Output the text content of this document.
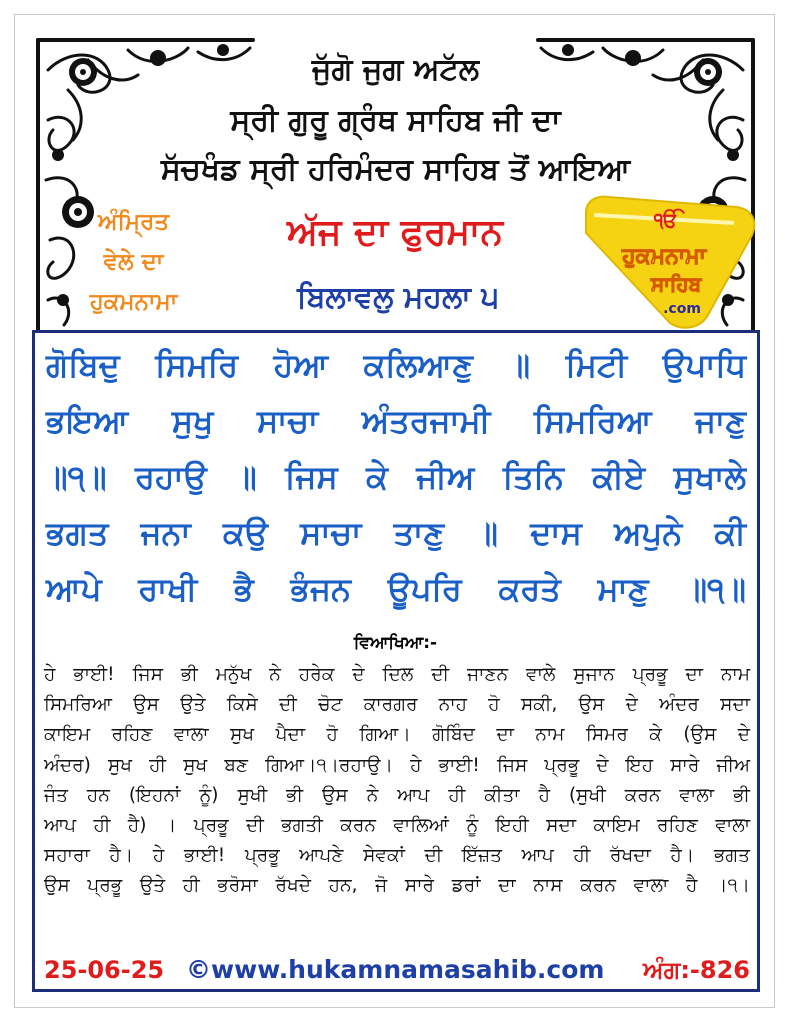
ਜੁੱਗੋ ਜੁਗ ਅਟੱਲ
ਸ੍ਰੀ ਗੁਰੂ ਗ੍ਰੰਥ ਸਾਹਿਬ ਜੀ ਦਾ
ਸੱਚਖੰਡ ਸ੍ਰੀ ਹਰਿਮੰਦਰ ਸਾਹਿਬ ਤੋਂ ਆਇਆ
ਅੰਮ੍ਰਿਤ
ਵੇਲੇ ਦਾ
ਹੁਕਮਨਾਮਾ
ਅੱਜ ਦਾ ਫੁਰਮਾਨ
ਬਿਲਾਵਲੁ ਮਹਲਾ ੫
ੴ
ਹੁਕਮਨਾਮਾ
ਸਾਹਿਬ
.com
ਗੋਬਿਦੁ ਸਿਮਰਿ ਹੋਆ ਕਲਿਆਣੁ ॥ ਮਿਟੀ ਉਪਾਧਿ
ਭਇਆ ਸੁਖੁ ਸਾਚਾ ਅੰਤਰਜਾਮੀ ਸਿਮਰਿਆ ਜਾਣੁ
॥੧॥ ਰਹਾਉ ॥ ਜਿਸ ਕੇ ਜੀਅ ਤਿਨਿ ਕੀਏ ਸੁਖਾਲੇ
ਭਗਤ ਜਨਾ ਕਉ ਸਾਚਾ ਤਾਣੁ ॥ ਦਾਸ ਅਪੁਨੇ ਕੀ
ਆਪੇ ਰਾਖੀ ਭੈ ਭੰਜਨ ਊਪਰਿ ਕਰਤੇ ਮਾਣੁ ॥੧॥
ਵਿਆਖਿਆ:-
ਹੇ ਭਾਈ! ਜਿਸ ਭੀ ਮਨੁੱਖ ਨੇ ਹਰੇਕ ਦੇ ਦਿਲ ਦੀ ਜਾਣਨ ਵਾਲੇ ਸੁਜਾਨ ਪ੍ਰਭੂ ਦਾ ਨਾਮ
ਸਿਮਰਿਆ ਉਸ ਉਤੇ ਕਿਸੇ ਦੀ ਚੋਟ ਕਾਰਗਰ ਨਾਹ ਹੋ ਸਕੀ, ਉਸ ਦੇ ਅੰਦਰ ਸਦਾ
ਕਾਇਮ ਰਹਿਣ ਵਾਲਾ ਸੁਖ ਪੈਦਾ ਹੋ ਗਿਆ। ਗੋਬਿੰਦ ਦਾ ਨਾਮ ਸਿਮਰ ਕੇ (ਉਸ ਦੇ
ਅੰਦਰ) ਸੁਖ ਹੀ ਸੁਖ ਬਣ ਗਿਆ।੧।ਰਹਾਉ। ਹੇ ਭਾਈ! ਜਿਸ ਪ੍ਰਭੂ ਦੇ ਇਹ ਸਾਰੇ ਜੀਅ
ਜੰਤ ਹਨ (ਇਹਨਾਂ ਨੂੰ) ਸੁਖੀ ਭੀ ਉਸ ਨੇ ਆਪ ਹੀ ਕੀਤਾ ਹੈ (ਸੁਖੀ ਕਰਨ ਵਾਲਾ ਭੀ
ਆਪ ਹੀ ਹੈ) । ਪ੍ਰਭੂ ਦੀ ਭਗਤੀ ਕਰਨ ਵਾਲਿਆਂ ਨੂੰ ਇਹੀ ਸਦਾ ਕਾਇਮ ਰਹਿਣ ਵਾਲਾ
ਸਹਾਰਾ ਹੈ। ਹੇ ਭਾਈ! ਪ੍ਰਭੂ ਆਪਣੇ ਸੇਵਕਾਂ ਦੀ ਇੱਜ਼ਤ ਆਪ ਹੀ ਰੱਖਦਾ ਹੈ। ਭਗਤ
ਉਸ ਪ੍ਰਭੂ ਉਤੇ ਹੀ ਭਰੋਸਾ ਰੱਖਦੇ ਹਨ, ਜੋ ਸਾਰੇ ਡਰਾਂ ਦਾ ਨਾਸ ਕਰਨ ਵਾਲਾ ਹੈ ।੧।
25-06-25 ©www.hukamnamasahib.com ਅੰਗ:-826
